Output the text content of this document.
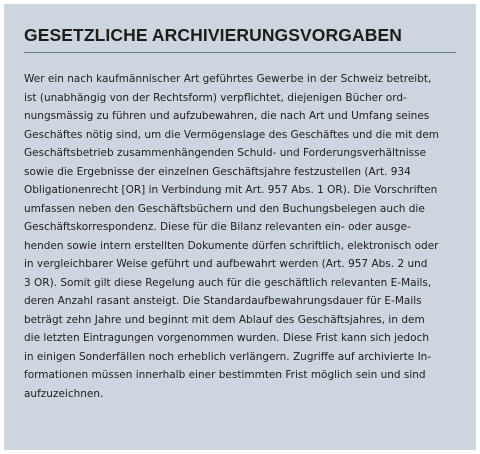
GESETZLICHE ARCHIVIERUNGSVORGABEN

Wer ein nach kaufmännischer Art geführtes Gewerbe in der Schweiz betreibt,
ist (unabhängig von der Rechtsform) verpflichtet, diejenigen Bücher ord-
nungsmässig zu führen und aufzubewahren, die nach Art und Umfang seines
Geschäftes nötig sind, um die Vermögenslage des Geschäftes und die mit dem
Geschäftsbetrieb zusammenhängenden Schuld- und Forderungsverhältnisse
sowie die Ergebnisse der einzelnen Geschäftsjahre festzustellen (Art. 934
Obligationenrecht [OR] in Verbindung mit Art. 957 Abs. 1 OR). Die Vorschriften
umfassen neben den Geschäftsbüchern und den Buchungsbelegen auch die
Geschäftskorrespondenz. Diese für die Bilanz relevanten ein- oder ausge-
henden sowie intern erstellten Dokumente dürfen schriftlich, elektronisch oder
in vergleichbarer Weise geführt und aufbewahrt werden (Art. 957 Abs. 2 und
3 OR). Somit gilt diese Regelung auch für die geschäftlich relevanten E-Mails,
deren Anzahl rasant ansteigt. Die Standardaufbewahrungsdauer für E-Mails
beträgt zehn Jahre und beginnt mit dem Ablauf des Geschäftsjahres, in dem
die letzten Eintragungen vorgenommen wurden. Diese Frist kann sich jedoch
in einigen Sonderfällen noch erheblich verlängern. Zugriffe auf archivierte In-
formationen müssen innerhalb einer bestimmten Frist möglich sein und sind
aufzuzeichnen.
